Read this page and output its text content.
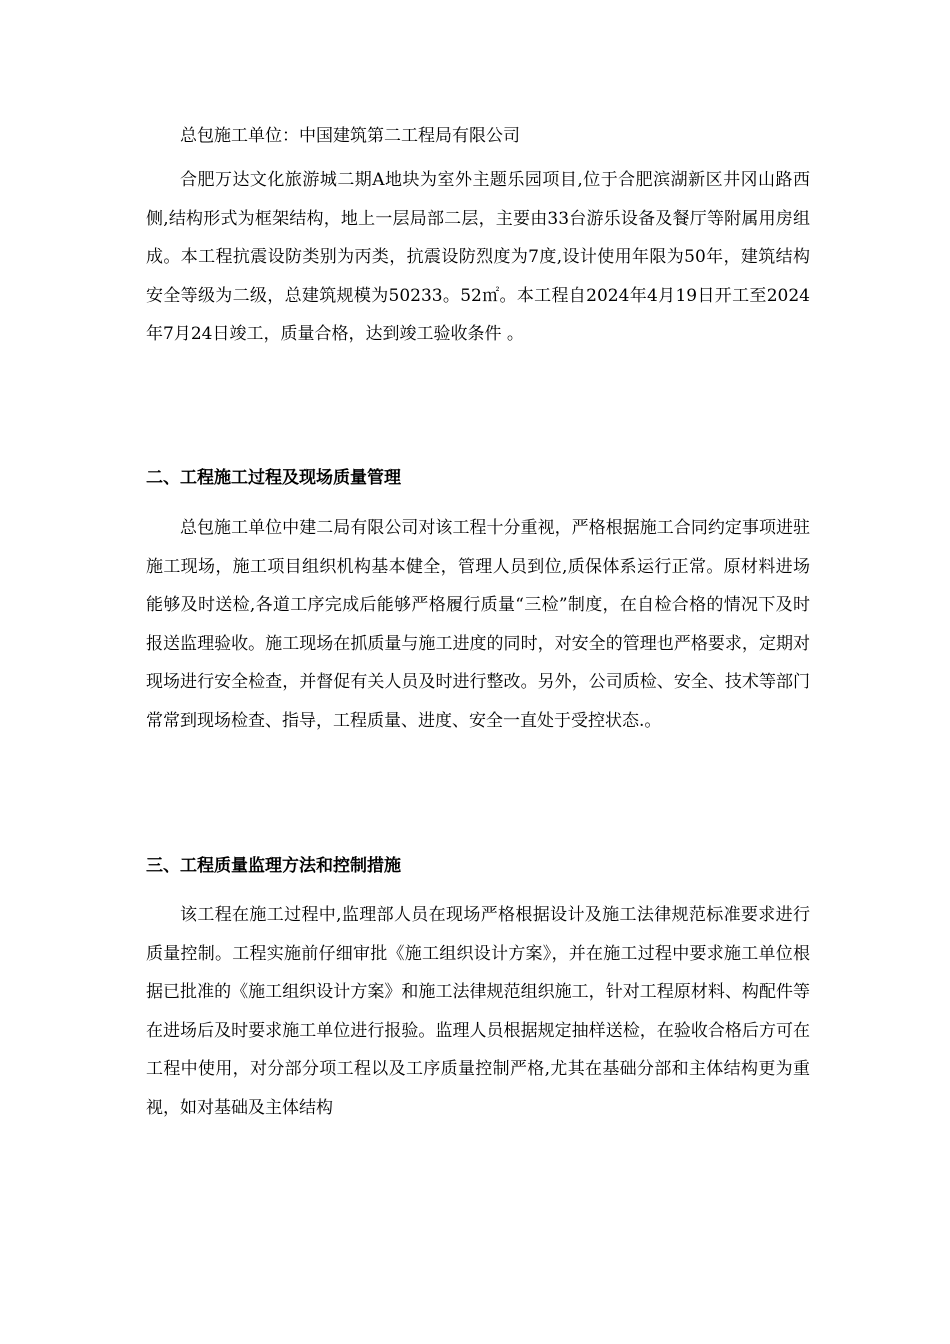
总包施工单位：中国建筑第二工程局有限公司

合肥万达文化旅游城二期A地块为室外主题乐园项目,位于合肥滨湖新区井冈山路西侧,结构形式为框架结构，地上一层局部二层，主要由33台游乐设备及餐厅等附属用房组成。本工程抗震设防类别为丙类，抗震设防烈度为7度,设计使用年限为50年，建筑结构安全等级为二级，总建筑规模为50233。52㎡。本工程自2024年4月19日开工至2024年7月24日竣工，质量合格，达到竣工验收条件 。

二、工程施工过程及现场质量管理

总包施工单位中建二局有限公司对该工程十分重视，严格根据施工合同约定事项进驻施工现场，施工项目组织机构基本健全，管理人员到位,质保体系运行正常。原材料进场能够及时送检,各道工序完成后能够严格履行质量“三检”制度，在自检合格的情况下及时报送监理验收。施工现场在抓质量与施工进度的同时，对安全的管理也严格要求，定期对现场进行安全检查，并督促有关人员及时进行整改。另外，公司质检、安全、技术等部门常常到现场检查、指导，工程质量、进度、安全一直处于受控状态.。

三、工程质量监理方法和控制措施

该工程在施工过程中,监理部人员在现场严格根据设计及施工法律规范标准要求进行质量控制。工程实施前仔细审批《施工组织设计方案》，并在施工过程中要求施工单位根据已批准的《施工组织设计方案》和施工法律规范组织施工，针对工程原材料、构配件等在进场后及时要求施工单位进行报验。监理人员根据规定抽样送检，在验收合格后方可在工程中使用，对分部分项工程以及工序质量控制严格,尤其在基础分部和主体结构更为重视，如对基础及主体结构
